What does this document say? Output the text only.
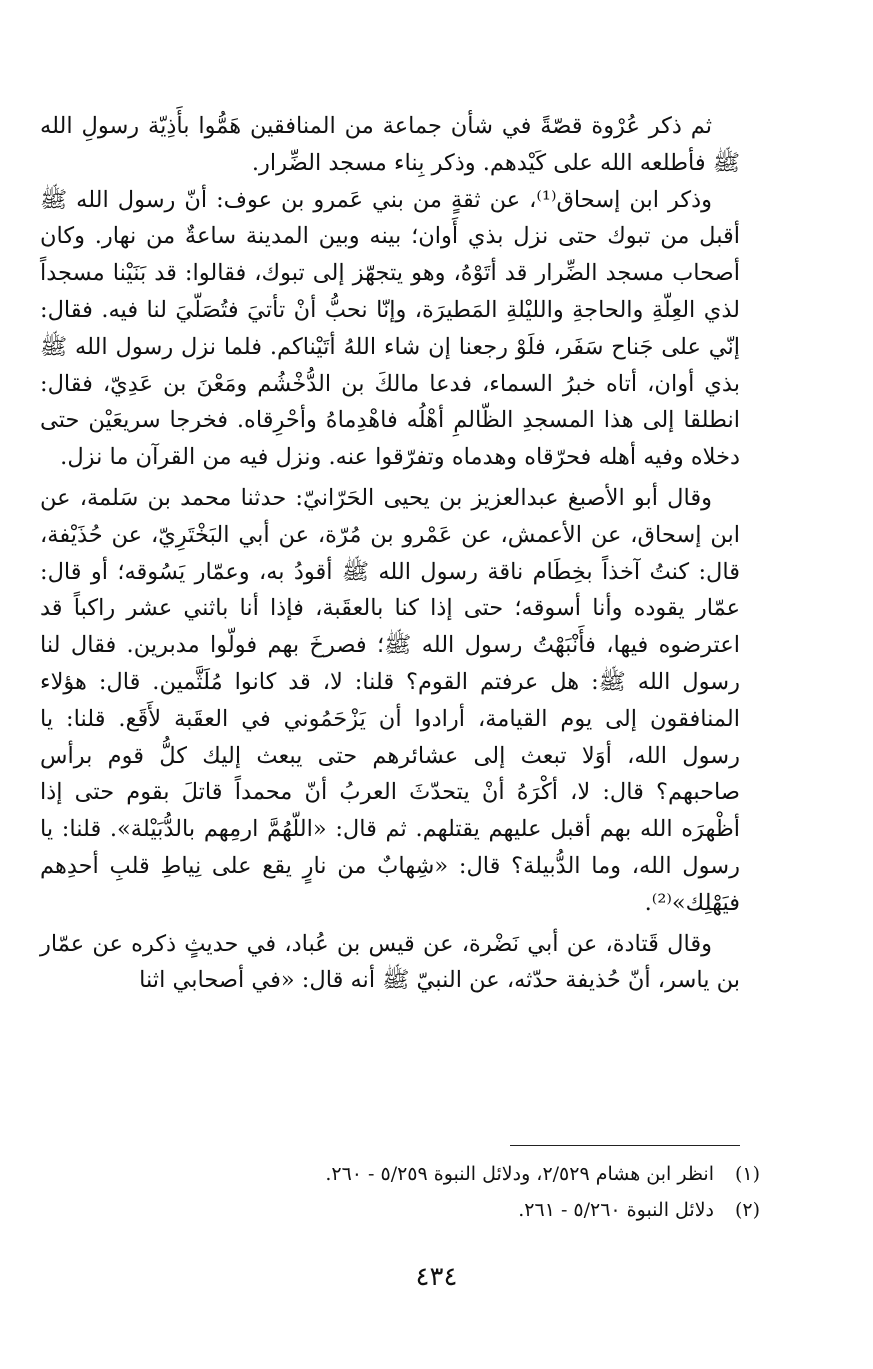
ثم ذكر عُرْوة قصّةً في شأن جماعة من المنافقين هَمُّوا بأَذِيّة رسولِ الله ﷺ فأطلعه الله على كَيْدهم. وذكر بِناء مسجد الضِّرار.

وذكر ابن إسحاق⁽¹⁾، عن ثقةٍ من بني عَمرو بن عوف: أنّ رسول الله ﷺ أقبل من تبوك حتى نزل بذي أَوان؛ بينه وبين المدينة ساعةٌ من نهار. وكان أصحاب مسجد الضِّرار قد أتَوْهُ، وهو يتجهّز إلى تبوك، فقالوا: قد بَنَيْنا مسجداً لذي العِلّةِ والحاجةِ والليْلةِ المَطيرَة، وإنّا نحبُّ أنْ تأتيَ فتُصَلّيَ لنا فيه. فقال: إنّي على جَناح سَفَر، فلَوْ رجعنا إن شاء اللهُ أتَيْناكم. فلما نزل رسول الله ﷺ بذي أوان، أتاه خبرُ السماء، فدعا مالكَ بن الدُّخْشُم ومَعْنَ بن عَدِيّ، فقال: انطلقا إلى هذا المسجدِ الظّالمِ أهْلُه فاهْدِماهُ وأحْرِقاه. فخرجا سريعَيْن حتى دخلاه وفيه أهله فحرّقاه وهدماه وتفرّقوا عنه. ونزل فيه من القرآن ما نزل.

وقال أبو الأصبغ عبدالعزيز بن يحيى الحَرّانيّ: حدثنا محمد بن سَلمة، عن ابن إسحاق، عن الأعمش، عن عَمْرو بن مُرّة، عن أبي البَخْتَرِيّ، عن حُذَيْفة، قال: كنتُ آخذاً بخِطَام ناقة رسول الله ﷺ أقودُ به، وعمّار يَسُوقه؛ أو قال: عمّار يقوده وأنا أسوقه؛ حتى إذا كنا بالعقَبة، فإذا أنا باثني عشر راكباً قد اعترضوه فيها، فأَنْبَهْتُ رسول الله ﷺ؛ فصرخَ بهم فولّوا مدبرين. فقال لنا رسول الله ﷺ: هل عرفتم القوم؟ قلنا: لا، قد كانوا مُلَثَّمين. قال: هؤلاء المنافقون إلى يوم القيامة، أرادوا أن يَزْحَمُوني في العقَبة لأَقَع. قلنا: يا رسول الله، أوَلا تبعث إلى عشائرهم حتى يبعث إليك كلُّ قوم برأس صاحبهم؟ قال: لا، أكْرَهُ أنْ يتحدّثَ العربُ أنّ محمداً قاتلَ بقوم حتى إذا أظْهرَه الله بهم أقبل عليهم يقتلهم. ثم قال: «اللّهُمَّ ارمِهم بالدُّبَيْلة». قلنا: يا رسول الله، وما الدُّبيلة؟ قال: «شِهابٌ من نارٍ يقع على نِياطِ قلبِ أحدِهم فيَهْلِك»⁽²⁾.

وقال قَتادة، عن أبي نَضْرة، عن قيس بن عُباد، في حديثٍ ذكره عن عمّار بن ياسر، أنّ حُذيفة حدّثه، عن النبيّ ﷺ أنه قال: «في أصحابي اثنا

(١)
انظر ابن هشام ٢/٥٢٩، ودلائل النبوة ٥/٢٥٩ - ٢٦٠.
(٢)
دلائل النبوة ٥/٢٦٠ - ٢٦١.
٤٣٤
